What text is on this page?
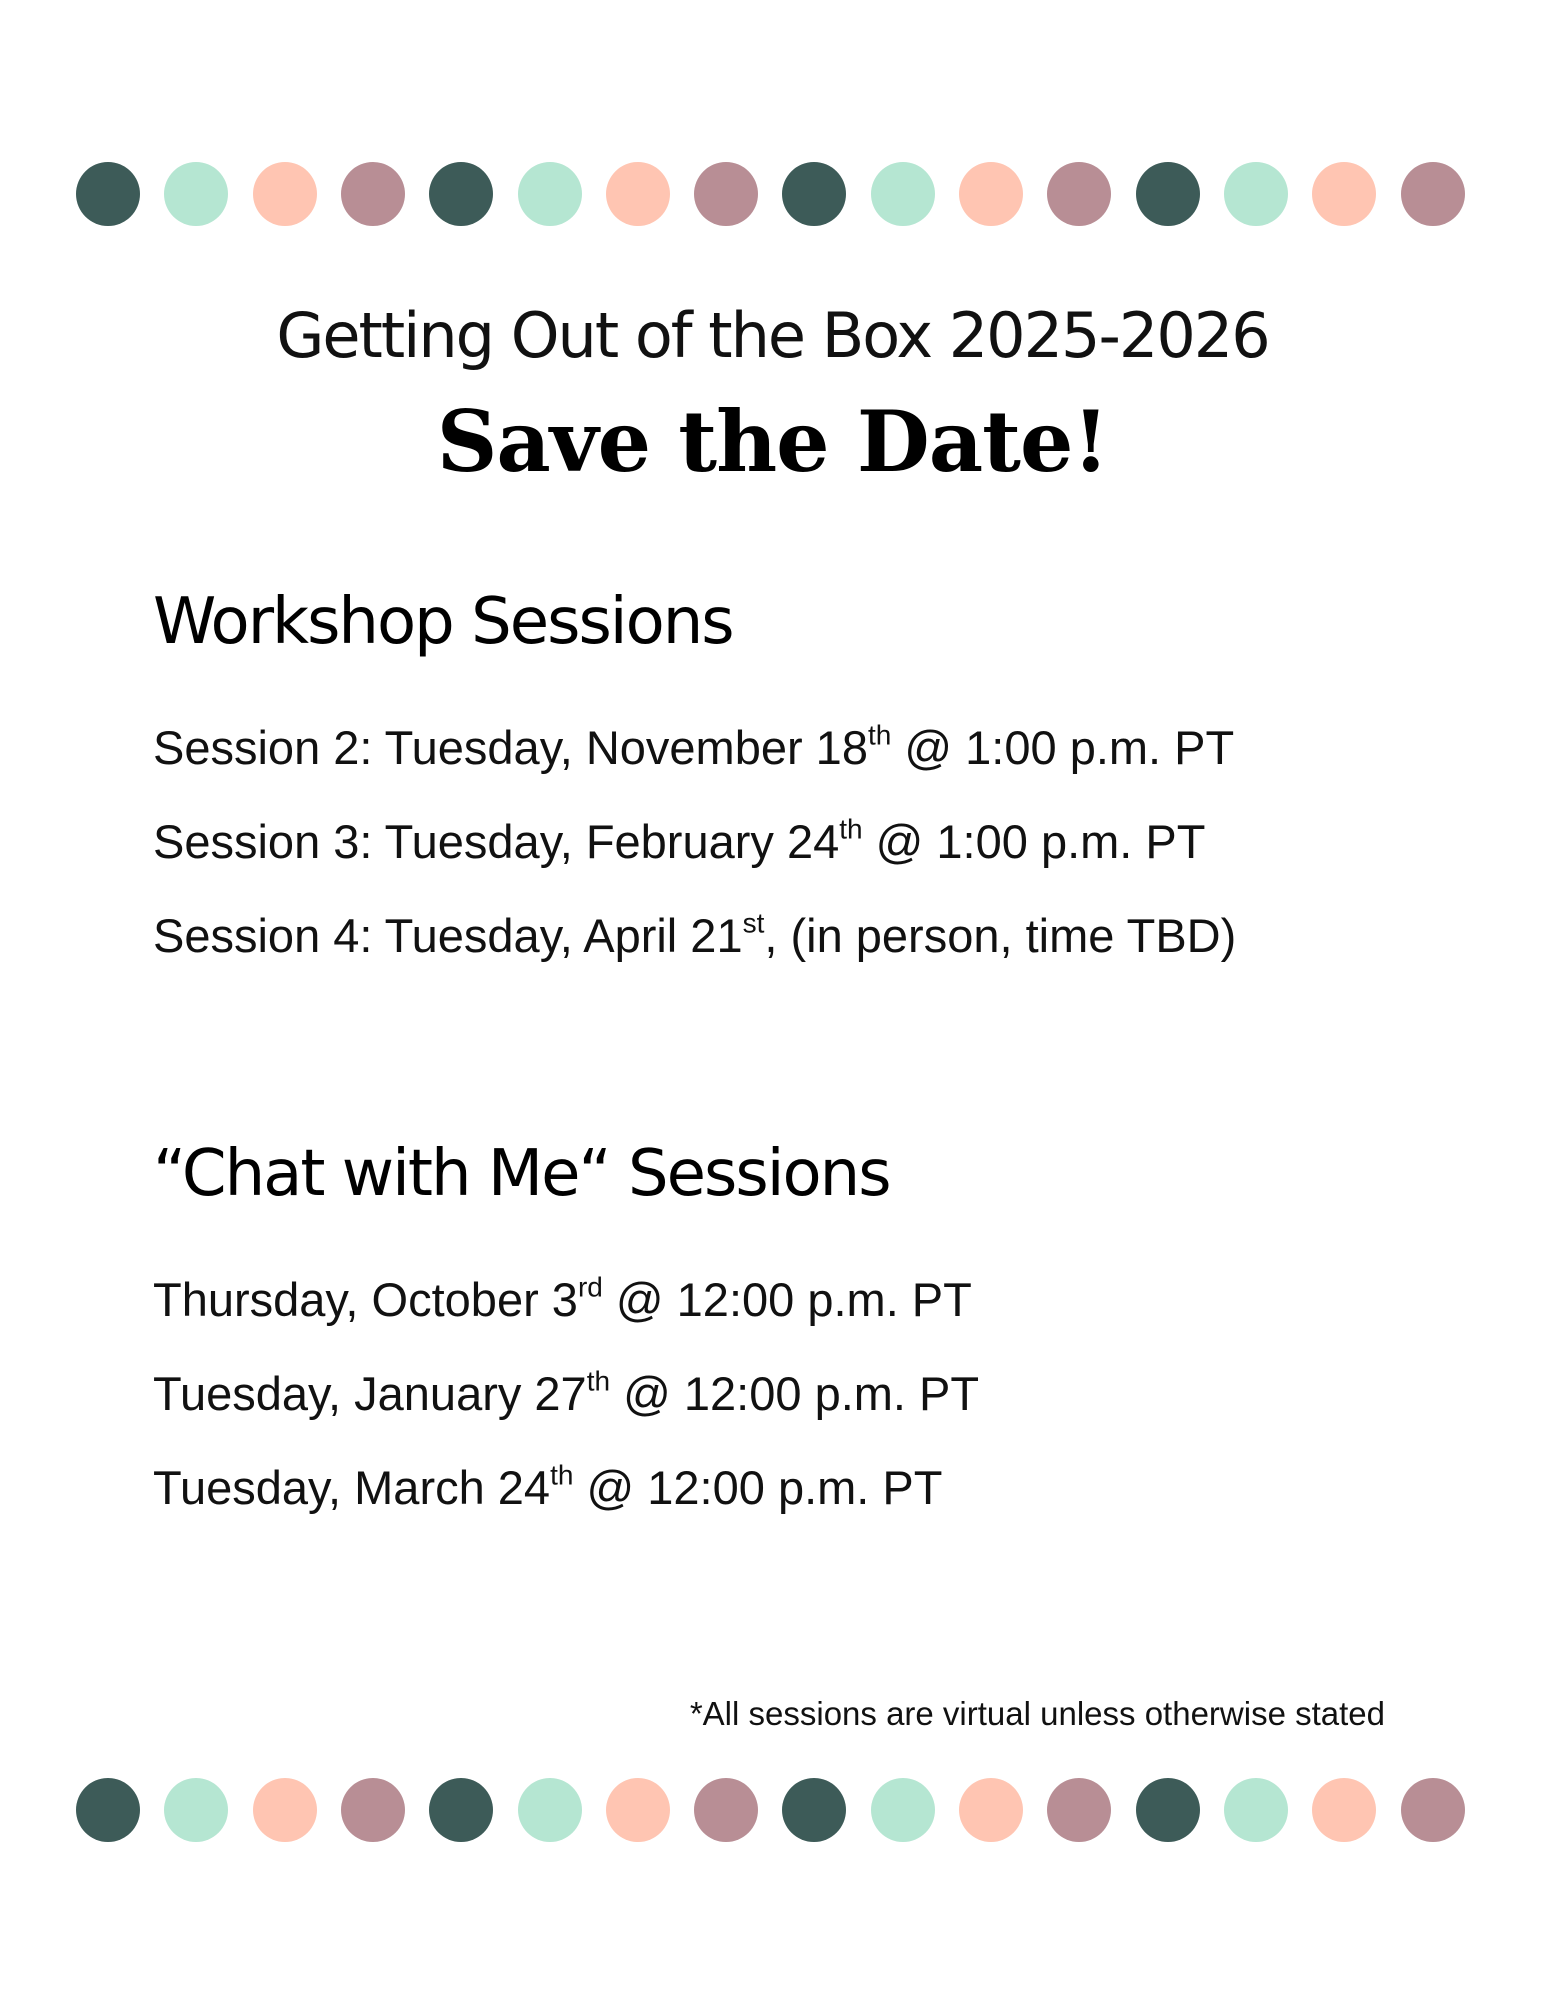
Getting Out of the Box 2025-2026
Save the Date!
Workshop Sessions
Session 2: Tuesday, November 18th @ 1:00 p.m. PT
Session 3: Tuesday, February 24th @ 1:00 p.m. PT
Session 4: Tuesday, April 21st, (in person, time TBD)
“Chat with Me“ Sessions
Thursday, October 3rd @ 12:00 p.m. PT
Tuesday, January 27th @ 12:00 p.m. PT
Tuesday, March 24th @ 12:00 p.m. PT
*All sessions are virtual unless otherwise stated
